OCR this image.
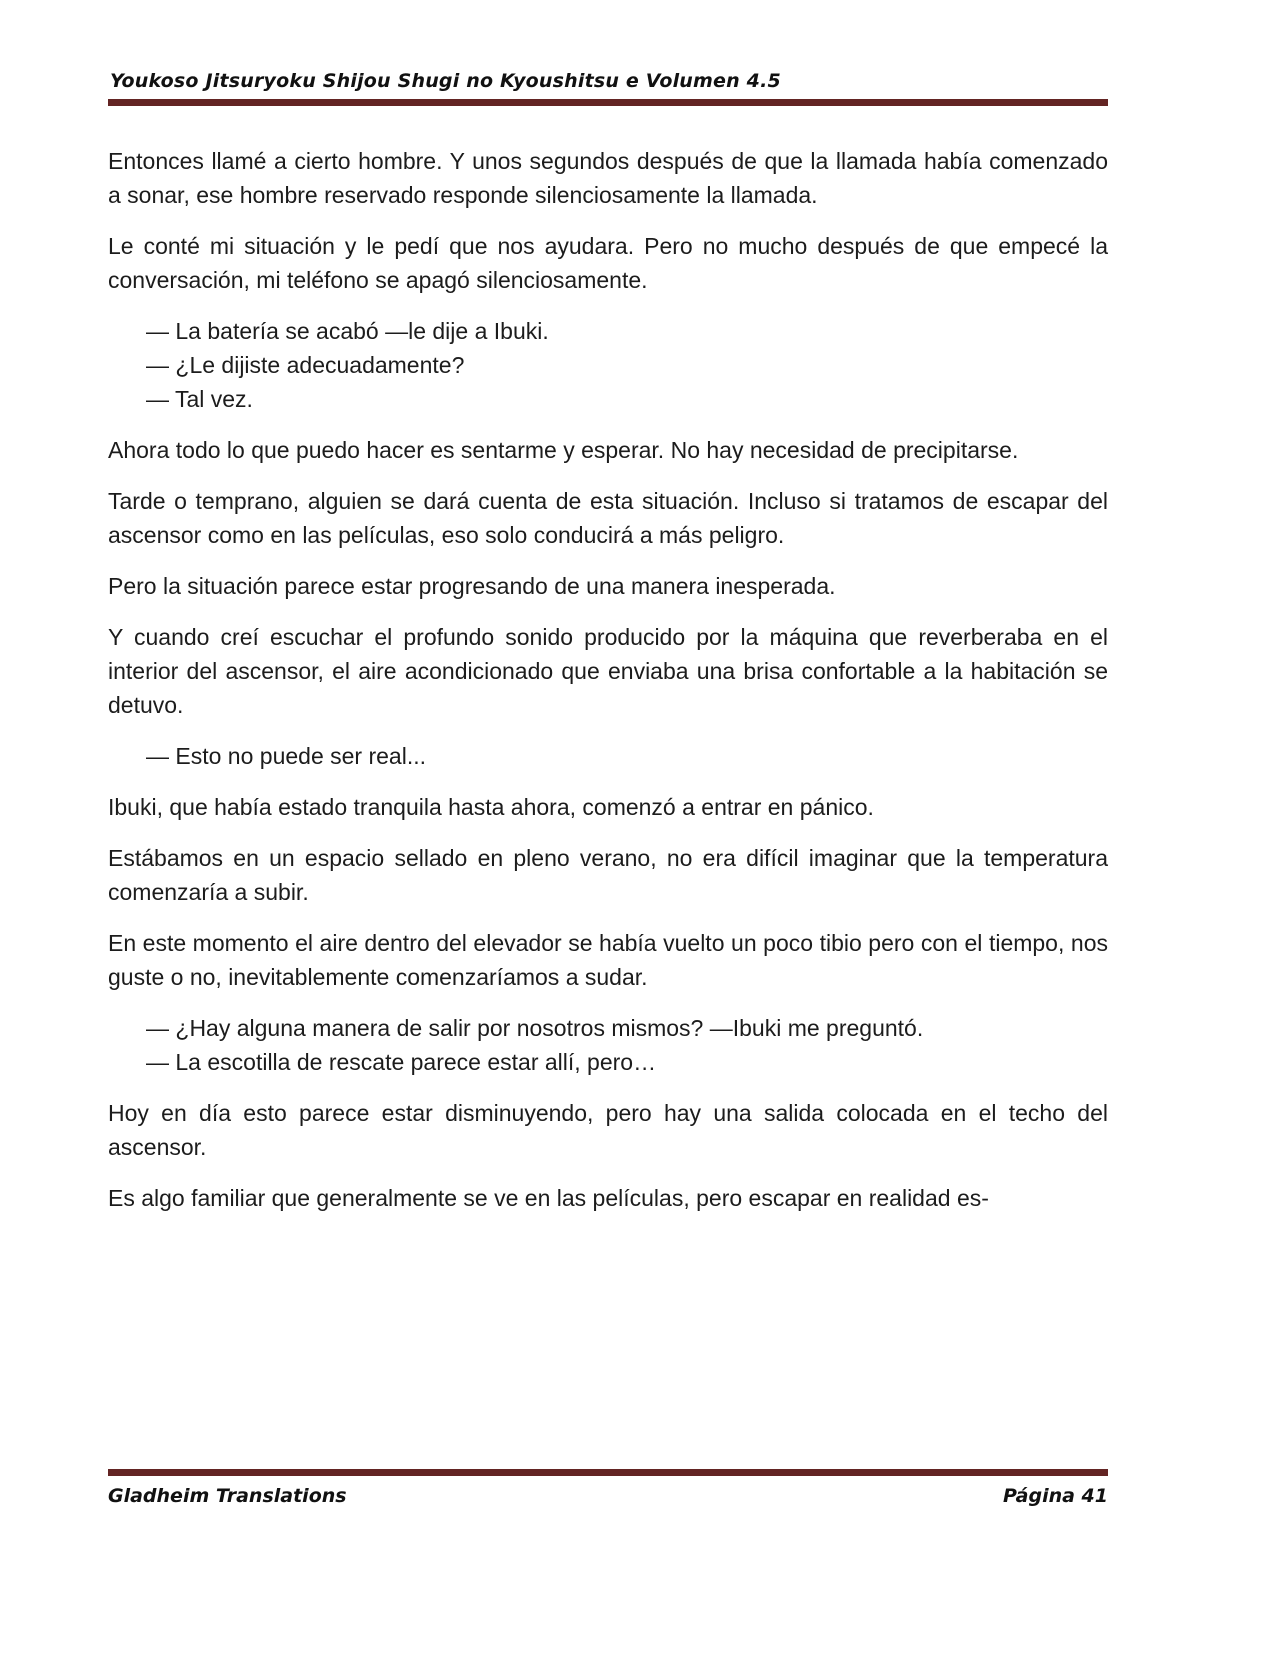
Youkoso Jitsuryoku Shijou Shugi no Kyoushitsu e Volumen 4.5

Entonces llamé a cierto hombre. Y unos segundos después de que la llamada había comenzado a sonar, ese hombre reservado responde silenciosamente la llamada.

Le conté mi situación y le pedí que nos ayudara. Pero no mucho después de que empecé la conversación, mi teléfono se apagó silenciosamente.

— La batería se acabó —le dije a Ibuki.

— ¿Le dijiste adecuadamente?

— Tal vez.

Ahora todo lo que puedo hacer es sentarme y esperar. No hay necesidad de precipitarse.

Tarde o temprano, alguien se dará cuenta de esta situación. Incluso si tratamos de escapar del ascensor como en las películas, eso solo conducirá a más peligro.

Pero la situación parece estar progresando de una manera inesperada.

Y cuando creí escuchar el profundo sonido producido por la máquina que reverberaba en el interior del ascensor, el aire acondicionado que enviaba una brisa confortable a la habitación se detuvo.

— Esto no puede ser real...

Ibuki, que había estado tranquila hasta ahora, comenzó a entrar en pánico.

Estábamos en un espacio sellado en pleno verano, no era difícil imaginar que la temperatura comenzaría a subir.

En este momento el aire dentro del elevador se había vuelto un poco tibio pero con el tiempo, nos guste o no, inevitablemente comenzaríamos a sudar.

— ¿Hay alguna manera de salir por nosotros mismos? —Ibuki me preguntó.

— La escotilla de rescate parece estar allí, pero…

Hoy en día esto parece estar disminuyendo, pero hay una salida colocada en el techo del ascensor.

Es algo familiar que generalmente se ve en las películas, pero escapar en realidad es-

Gladheim Translations	Página 41
